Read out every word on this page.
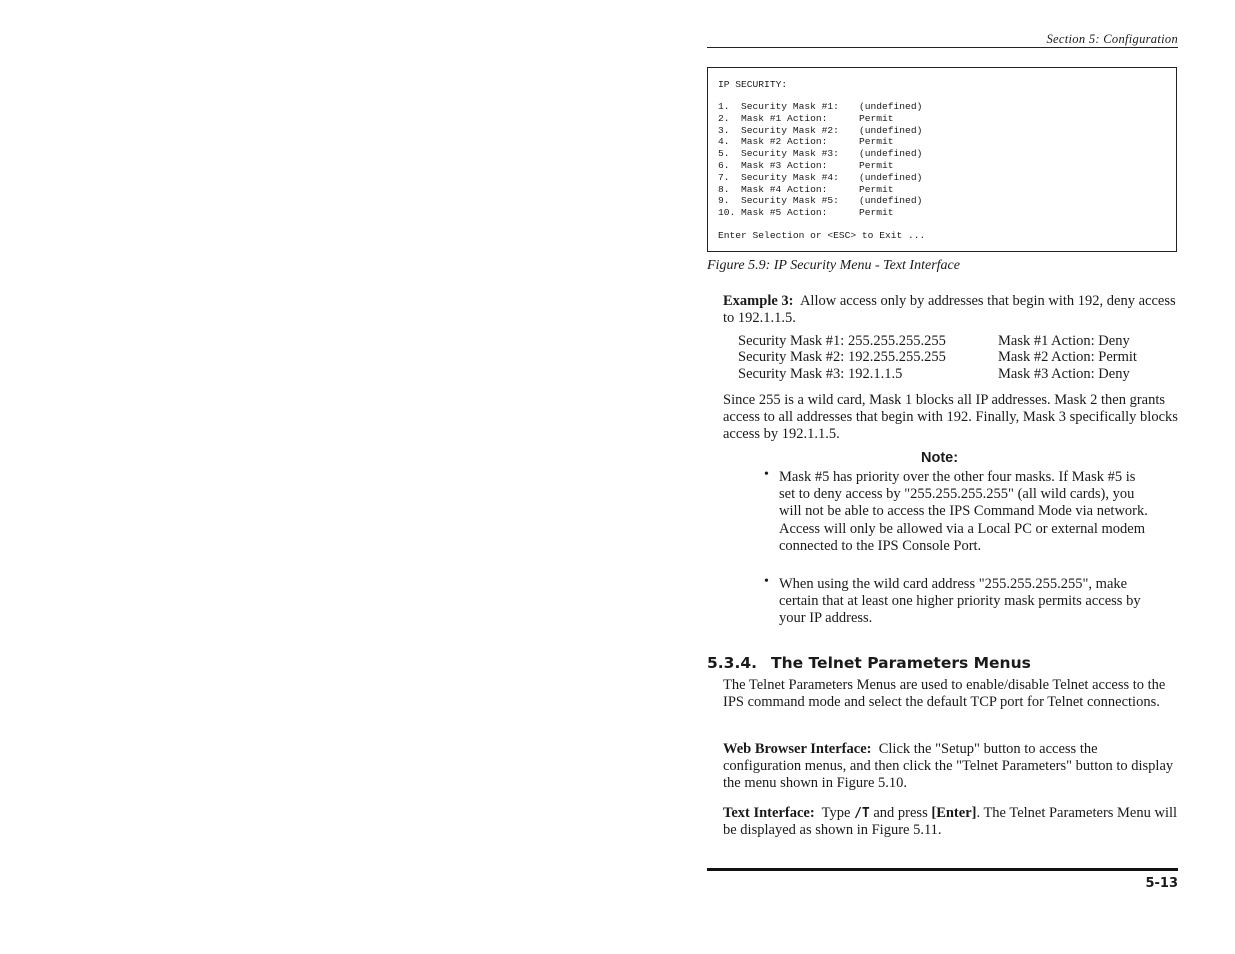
Section 5: Configuration
IP SECURITY:
1. Security Mask #1: (undefined)
2. Mask #1 Action:	Permit
3. Security Mask #2: (undefined)
4. Mask #2 Action:	Permit
5. Security Mask #3: (undefined)
6. Mask #3 Action:	Permit
7. Security Mask #4: (undefined)
8. Mask #4 Action:	Permit
9. Security Mask #5: (undefined)
10. Mask #5 Action:	Permit
Enter Selection or <ESC> to Exit ...
Figure 5.9: IP Security Menu - Text Interface

Example 3: Allow access only by addresses that begin with 192, deny access to 192.1.1.5.

Security Mask #1: 255.255.255.255	Mask #1 Action: Deny
Security Mask #2: 192.255.255.255	Mask #2 Action: Permit
Security Mask #3: 192.1.1.5	Mask #3 Action: Deny

Since 255 is a wild card, Mask 1 blocks all IP addresses. Mask 2 then grants access to all addresses that begin with 192. Finally, Mask 3 specifically blocks access by 192.1.1.5.

Note:
• Mask #5 has priority over the other four masks. If Mask #5 is set to deny access by "255.255.255.255" (all wild cards), you will not be able to access the IPS Command Mode via network. Access will only be allowed via a Local PC or external modem connected to the IPS Console Port.

• When using the wild card address "255.255.255.255", make certain that at least one higher priority mask permits access by your IP address.

5.3.4. The Telnet Parameters Menus

The Telnet Parameters Menus are used to enable/disable Telnet access to the IPS command mode and select the default TCP port for Telnet connections.

Web Browser Interface: Click the "Setup" button to access the configuration menus, and then click the "Telnet Parameters" button to display the menu shown in Figure 5.10.

Text Interface: Type /T and press [Enter]. The Telnet Parameters Menu will be displayed as shown in Figure 5.11.

5-13
